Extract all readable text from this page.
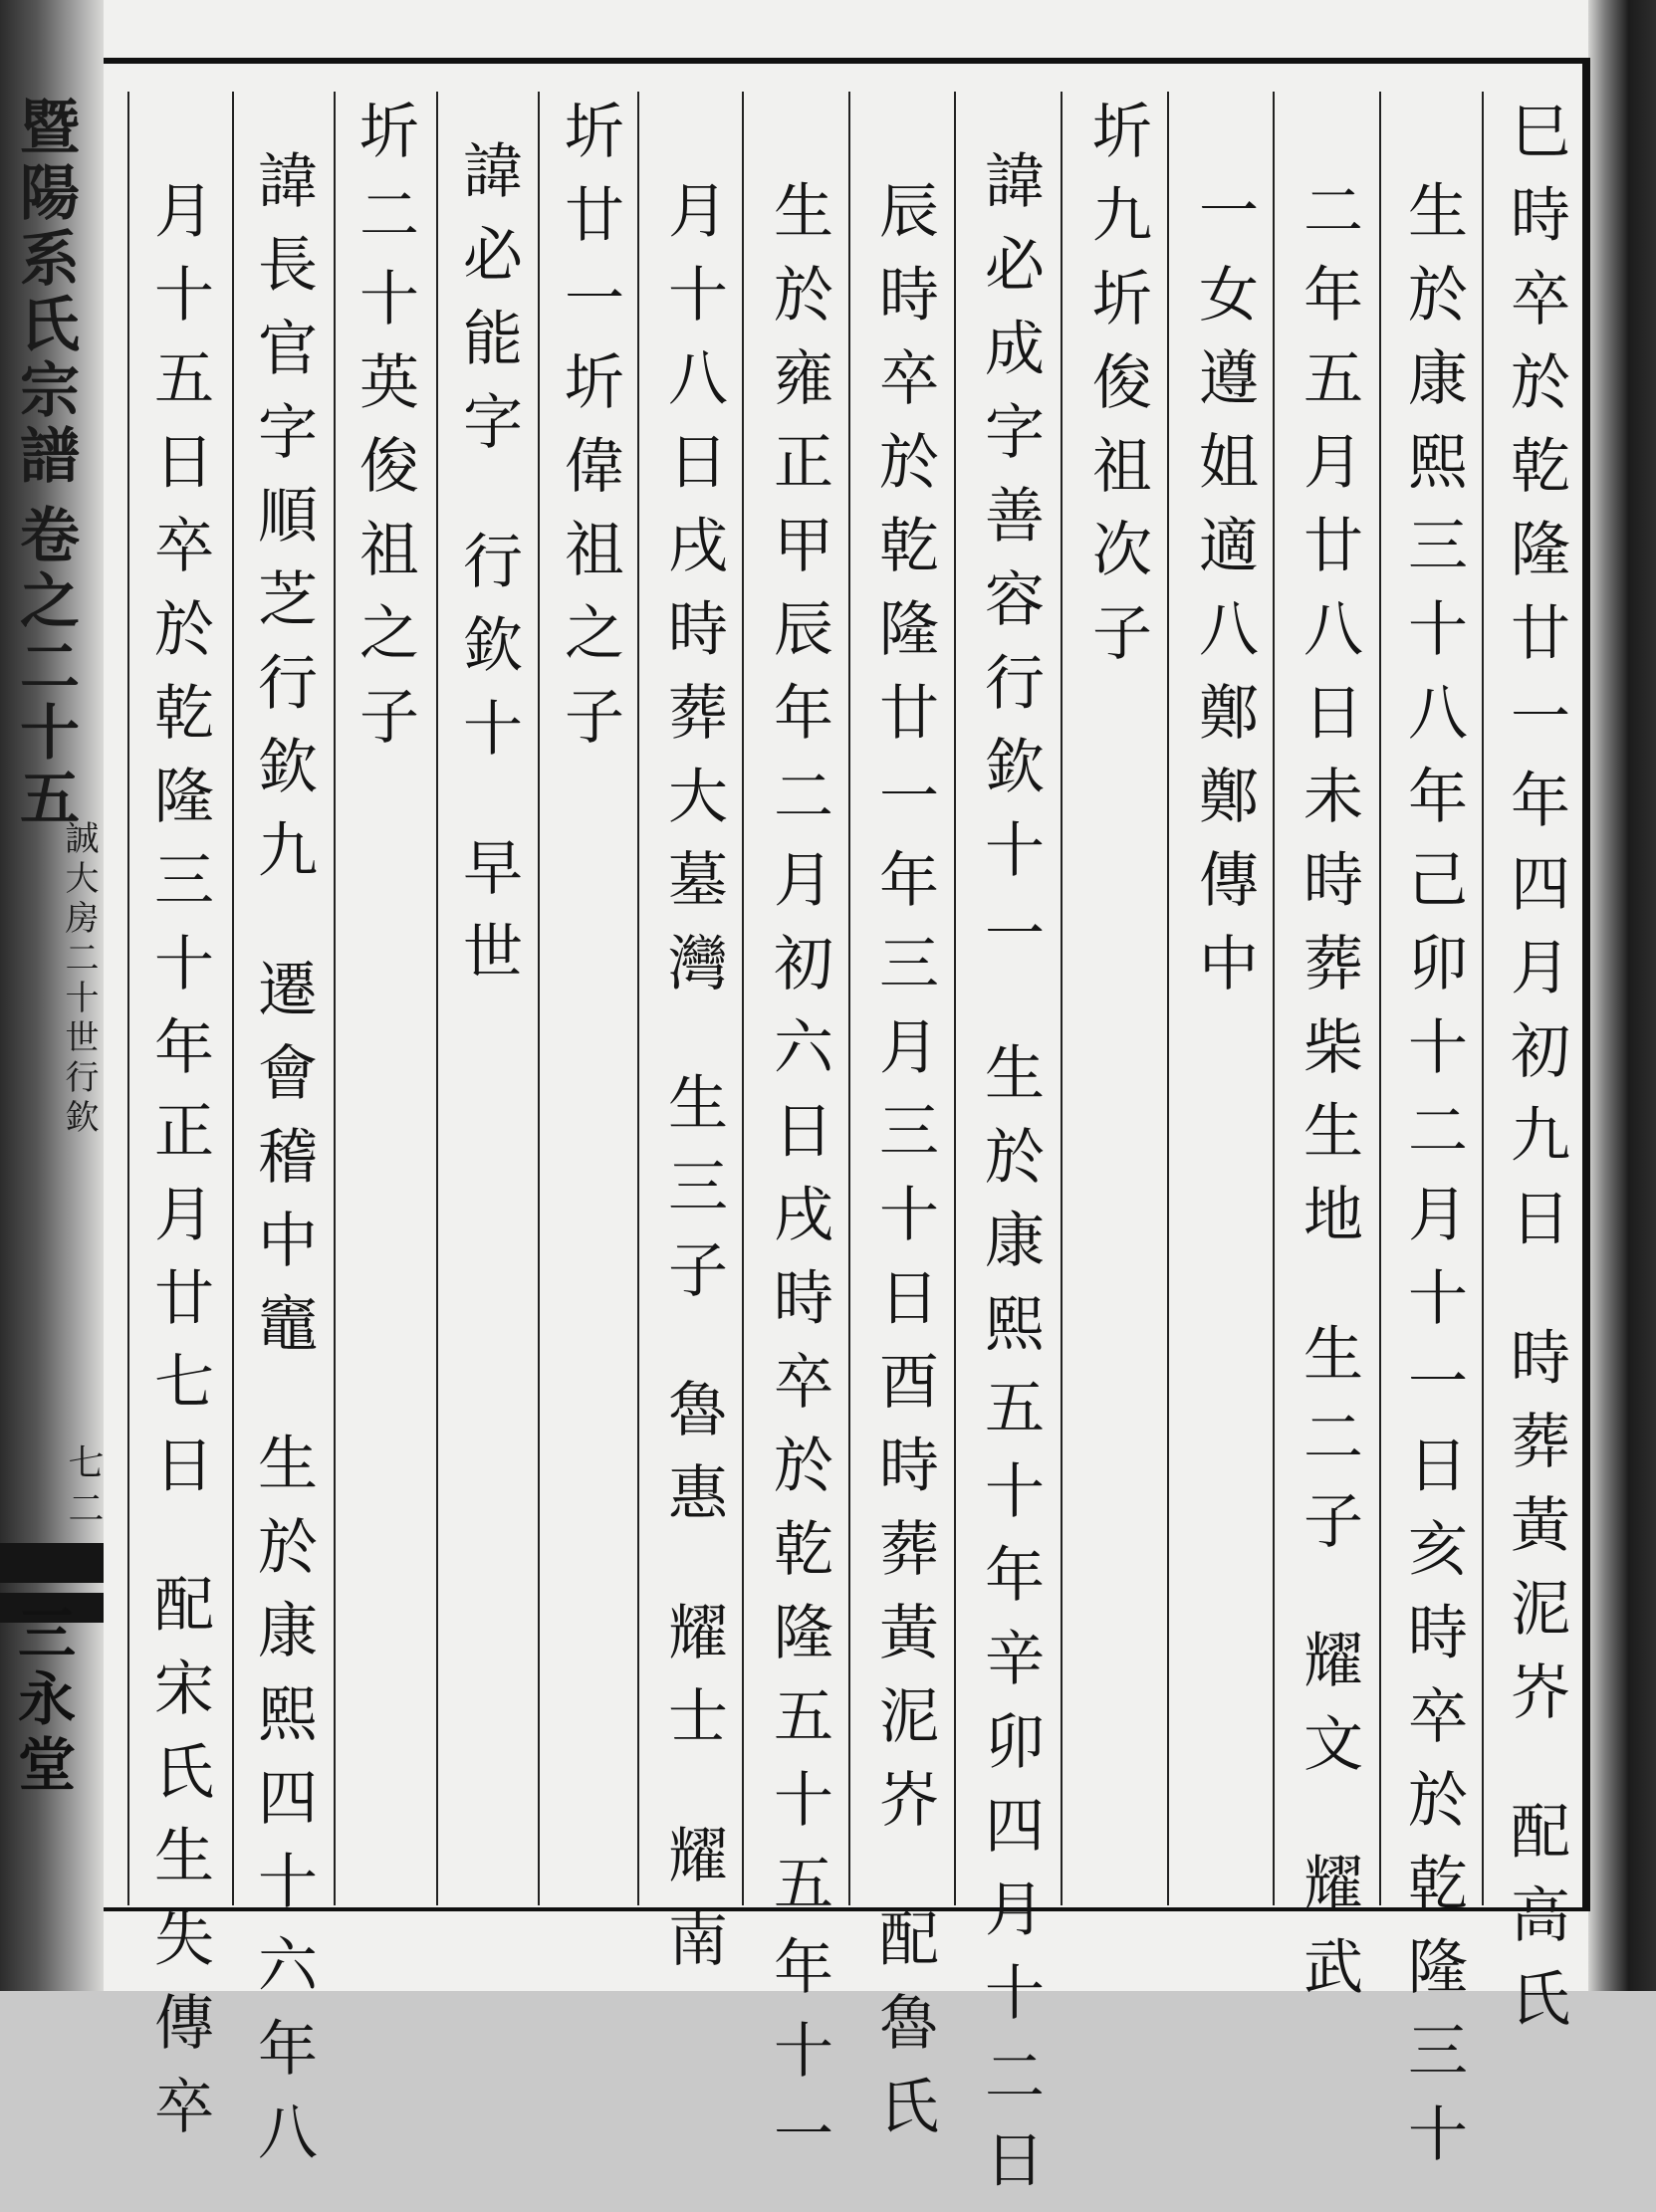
暨陽系氏宗譜卷之二十五
誠大房二十世行欽
七二
三永堂
巳時卒於乾隆廿一年四月初九日時葬黃泥岕配高氏
生於康熙三十八年己卯十二月十一日亥時卒於乾隆三十
二年五月廿八日未時葬柴生地生二子耀文耀武
一女遵姐適八鄭鄭傳中
圻九圻俊祖次子
諱必成字善容行欽十一生於康熙五十年辛卯四月十二日
辰時卒於乾隆廿一年三月三十日酉時葬黃泥岕配魯氏
生於雍正甲辰年二月初六日戌時卒於乾隆五十五年十一
月十八日戌時葬大墓灣生三子魯惠耀士耀南
圻廿一圻偉祖之子
諱必能字行欽十早世
圻二十英俊祖之子
諱長官字順芝行欽九遷會稽中竈生於康熙四十六年八
月十五日卒於乾隆三十年正月廿七日配宋氏生失傳卒
